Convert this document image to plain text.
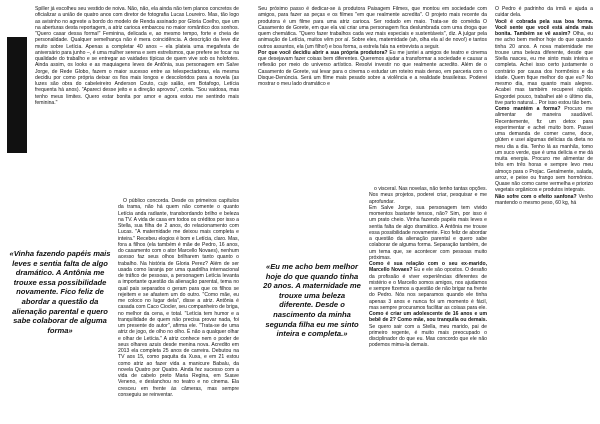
Spiller já escolheu seu vestido de noiva. Não, não, ela ainda não tem planos concretos de oficializar a união de quatro anos com diretor de fotografia Lucas Loureiro. Mas, tão logo as avisinho no agreste a bordo do modelo de Renda assinado por Gloria Coelho, que um na aberturas desta reportagem, a atriz carioca embarcou no maior romântico dos sonhos. "Quero casar dessa forma!" Feminina, delicada e, ao mesmo tempo, forte e cheia de personalidade. Qualquer semelhança não é mera coincidência. A descrição da leve diz muito sobre Letícia. Apenas a completar 40 anos – ela plateia uma megafesta de aniversário para junho –, é uma mulher serena e sem estrelismos, que prefere se focar na qualidade do trabalho e se entregar ao vaidades típicas de quem vive sob os holofotes. Ainda assim, os looks e as maquiagens leves de Antônia, sua personagem em Salve Jorge, de Rede Globo, fazem o maior sucesso entre as telespectadoras, ela mesma decidiu por como própria deixar os fios mais longos e descoloridos para a novela (as luzes são obra do cabeleireiro Anderson Couto, cujo salão, em Botafogo, Letícia frequenta há anos). "Apareci desse jeito e a direção aprovou", conta. "Sou vaidosa, mas tenho meus limites. Quero estar bonita por amor e agora estou me sentindo mais feminina."

O público concorda. Desde os primeiros capítulos da trama, não há quem não comente o quanto Letícia anda radiante, transbordando brilho e beleza na TV. A vida de casa em todos os créditos por isso a Stella, sua filha de 2 anos, do relacionamento com Lucas. "A maternidade me deixou mais completa e inteira." Recebeu elogios é bom e Letícia, claro. Mas, fora a filhos (ela também é mãe de Pedro, 16 anos, do casamento com o ator Marcello Novaes), nenhum acesso faz seus olhos brilharem tanto quanto o trabalho. Na história de Gloria Perez? Além de ser usada como laranja por uma quadrilha internacional de tráfico de pessoas, a personagem Letícia levanta a importante questão da alienação parental, tema no qual pais separados o geram para que os filhos se rejeitem e se afastem um do outro. "Como mãe, eu me coloco no lugar dela", disse a atriz. Antônia é casada com Caco Ciocler, seu companheiro de briga, no melhor da cena, e total. "Letícia tem humor e a tranquilidade de quem não precisa provar nada, foi um presente do autor", afirma ele. "Trata-se de uma atriz de jogo, de olho no olho. É não a qualquer olhar e olhar de Letícia." A atriz conhece nem o poder de seus olhares azuis desde menina nova. Acredito em 2013 ela completa 25 anos de carreira. Debutou na TV aos 15, como paquita da Xuxa, e em 21 estou como atriz ao fazer vida a manicure Babalu, da novela Quatro por Quatro. Ainda fez sucesso com a vida de cabelo preto Maria Regina, em Suave Veneno, e deslanchou no teatro e no cinema. Ela cresceu em frente às câmeras, mas sempre conseguiu se reinventar.

«Vinha fazendo papéis mais leves e sentia falta de algo dramático. A Antônia me trouxe essa possibilidade novamente. Fico feliz de abordar a questão da alienação parental e quero sabe colaborar de alguma forma»

Seu próximo passo é dedicar-se à produtora Paisagem Filmes, que montou em sociedade com amigos, para fazer as peças e os filmes "em que realmente acredita". O projeto mais recente da produtora é um filme para uma atriz carioca. Ser rodado em maio. Trata-se do comédia O Casamento de Gorete, em que ela vai criar uma personagem fica deslumbrada com uma droga que quem chemática. "Quero fazer trabalhos cada vez mais especiais e sustentáveis", diz. A julgar pela animação de Letícia, muitos vêm por aí. Sobre eles, maternidade (ah, olha ela aí de novo!) e tantos outros assuntos, ela (um filho!) e boa forma, a estrela fala na entrevista a seguir.

Por que você decidiu abrir a sua própria produtora? Eu me juntei a amigos de teatro e cinema que desejavam fazer coisas bem diferentes. Queremos ajudar a transformar a sociedade e causar a reflexão por meio do universo artístico. Resolvi investir no que realmente acredito. Além de o Casamento de Gorete, vai levar para o cinema o estudar um roteiro mais denso, em parceria com o Disque-Denúncia. Será um filme mais pesado sobre a violência e a realidade brasileiras. Poderei mostrar o meu lado dramático e

«Eu me acho bem melhor hoje do que quando tinha 20 anos. A maternidade me trouxe uma beleza diferente. Desde o nascimento da minha segunda filha eu me sinto inteira e completa.»

o visceral. Nas novelas, não tenho tantas opções. Nos meus projetos, poderei criar, pesquisar e me aprofundar.

Em Salve Jorge, sua personagem tem vivido momentos bastante tensos, não? Sim, por isso é um prato cheio. Vinha fazendo papéis mais leves e sentia falta de algo dramático. A Antônia me trouxe essa possibilidade novamente. Fico feliz de abordar a questão da alienação parental e quero sabe colaborar de alguma forma. Separação também, de um tema que, se acontecer com pessoas muito próximas.

Como é sua relação com o seu ex-marido, Marcello Novaes? Eu e ele são opostos. O desafio da profissão é viver experiências diferentes de mistério e o Marcello somos amigos, nos ajudamos e sempre fizemos a questão de não brigar na frente do Pedro. Nós nos separamos quando ele tinha apenas 3 anos e nunca foi um momento é fácil, mas sempre procuramos facilitar as coisas para ele.

Como é criar um adolescente de 16 anos e um bebê de 2? Como mãe, sou tranquila ou demais. Se quero sair com a Stella, meu marido, pai de primeiro regente, é muito mais preocupado o disciplinador do que eu. Mas concordo que ele não podemos mima-la demais.

O Pedro é padrinho da irmã e ajuda a cuidar dela.

Você é cobrada pela sua boa forma. Você sente que você está ainda mais bonita. Também se vê assim? Olha, eu me acho bem melhor hoje do que quando tinha 20 anos. A nova maternidade me trouxe uma beleza diferente, desde que Stella nasceu, eu me sinto mais inteira e completa. Achei isso certo justamente o contrário por causa dos hormônios e da idade. Quem fique melhor do que eu? No mesmo dia, mas quanto mais alegres. Acabei mas também recuperei rápido. Engordei pouco, trabalhei até o último dia, tive parto natural... Por isso estou tão bem.

Como mantém a forma? Procuro me alimentar de maneira saudável. Recentemente, fiz um detox para experimentar e achei muito bom. Passei uma demanda de comer carne, doce, glúten e usei algumas delícias da dieta no meu dia a dia. Tenho lá as manhãs, tomo um suco verde, que é uma delícia e me dá muita energia. Procuro me alimentar de três em três horas e sempre levo meu almoço para o Projac. Geralmente, salada, arroz, e peixe ou frango sem hormônios. Quase não como carne vermelha e priorizo vegetais orgânicos e produtos integrais.

Não sofre com o efeito sanfona? Venho mantendo o mesmo peso, 60 kg, há
